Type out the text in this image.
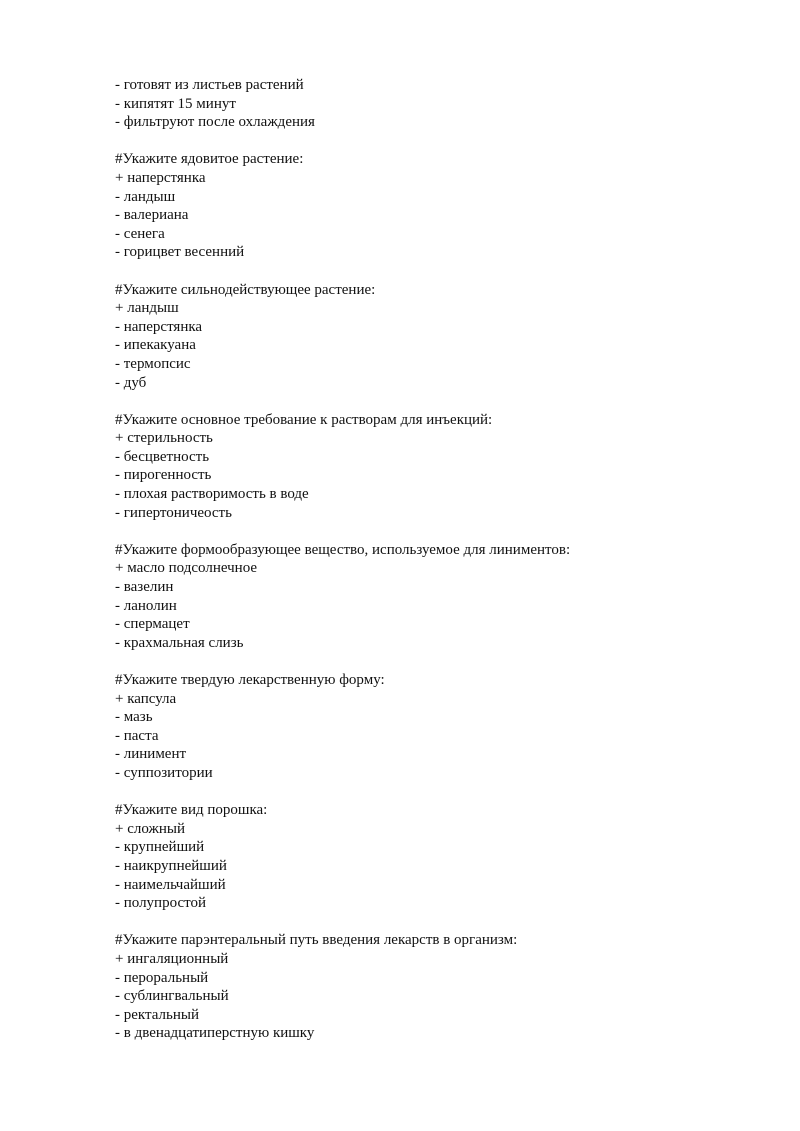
- готовят из листьев растений
- кипятят 15 минут
- фильтруют после охлаждения
#Укажите ядовитое растение:
+ наперстянка
- ландыш
- валериана
- сенега
- горицвет весенний
#Укажите сильнодействующее растение:
+ ландыш
- наперстянка
- ипекакуана
- термопсис
- дуб
#Укажите основное требование к растворам для инъекций:
+ стерильность
- бесцветность
- пирогенность
- плохая растворимость в воде
- гипертоничеость
#Укажите формообразующее вещество, используемое для линиментов:
+ масло подсолнечное
- вазелин
- ланолин
- спермацет
- крахмальная слизь
#Укажите твердую лекарственную форму:
+ капсула
- мазь
- паста
- линимент
- суппозитории
#Укажите вид порошка:
+ сложный
- крупнейший
- наикрупнейший
- наимельчайший
- полупростой
#Укажите парэнтеральный путь введения лекарств в организм:
+ ингаляционный
- пероральный
- сублингвальный
- ректальный
- в двенадцатиперстную кишку
